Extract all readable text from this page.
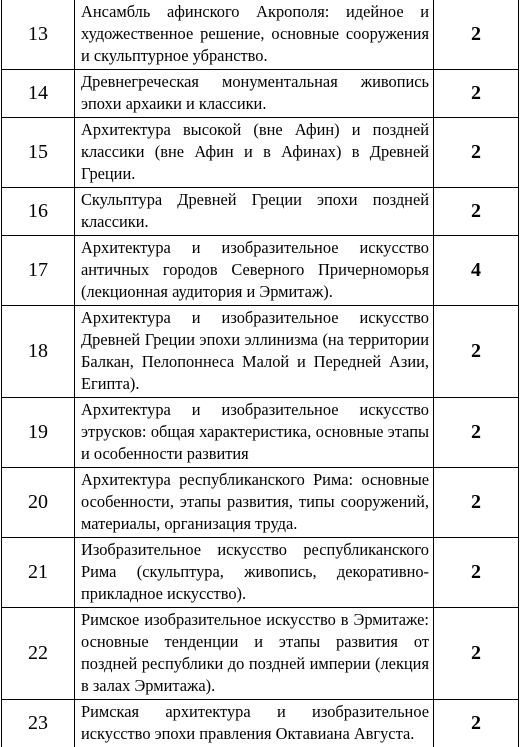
13	Ансамбль афинского Акрополя: идейное и художественное решение, основные сооружения и скульптурное убранство.	2
14	Древнегреческая монументальная живопись эпохи архаики и классики.	2
15	Архитектура высокой (вне Афин) и поздней классики (вне Афин и в Афинах) в Древней Греции.	2
16	Скульптура Древней Греции эпохи поздней классики.	2
17	Архитектура и изобразительное искусство античных городов Северного Причерноморья (лекционная аудитория и Эрмитаж).	4
18	Архитектура и изобразительное искусство Древней Греции эпохи эллинизма (на территории Балкан, Пелопоннеса Малой и Передней Азии, Египта).	2
19	Архитектура и изобразительное искусство этрусков: общая характеристика, основные этапы и особенности развития	2
20	Архитектура республиканского Рима: основные особенности, этапы развития, типы сооружений, материалы, организация труда.	2
21	Изобразительное искусство республиканского Рима (скульптура, живопись, декоративно-прикладное искусство).	2
22	Римское изобразительное искусство в Эрмитаже: основные тенденции и этапы развития от поздней республики до поздней империи (лекция в залах Эрмитажа).	2
23	Римская архитектура и изобразительное искусство эпохи правления Октавиана Августа.	2
